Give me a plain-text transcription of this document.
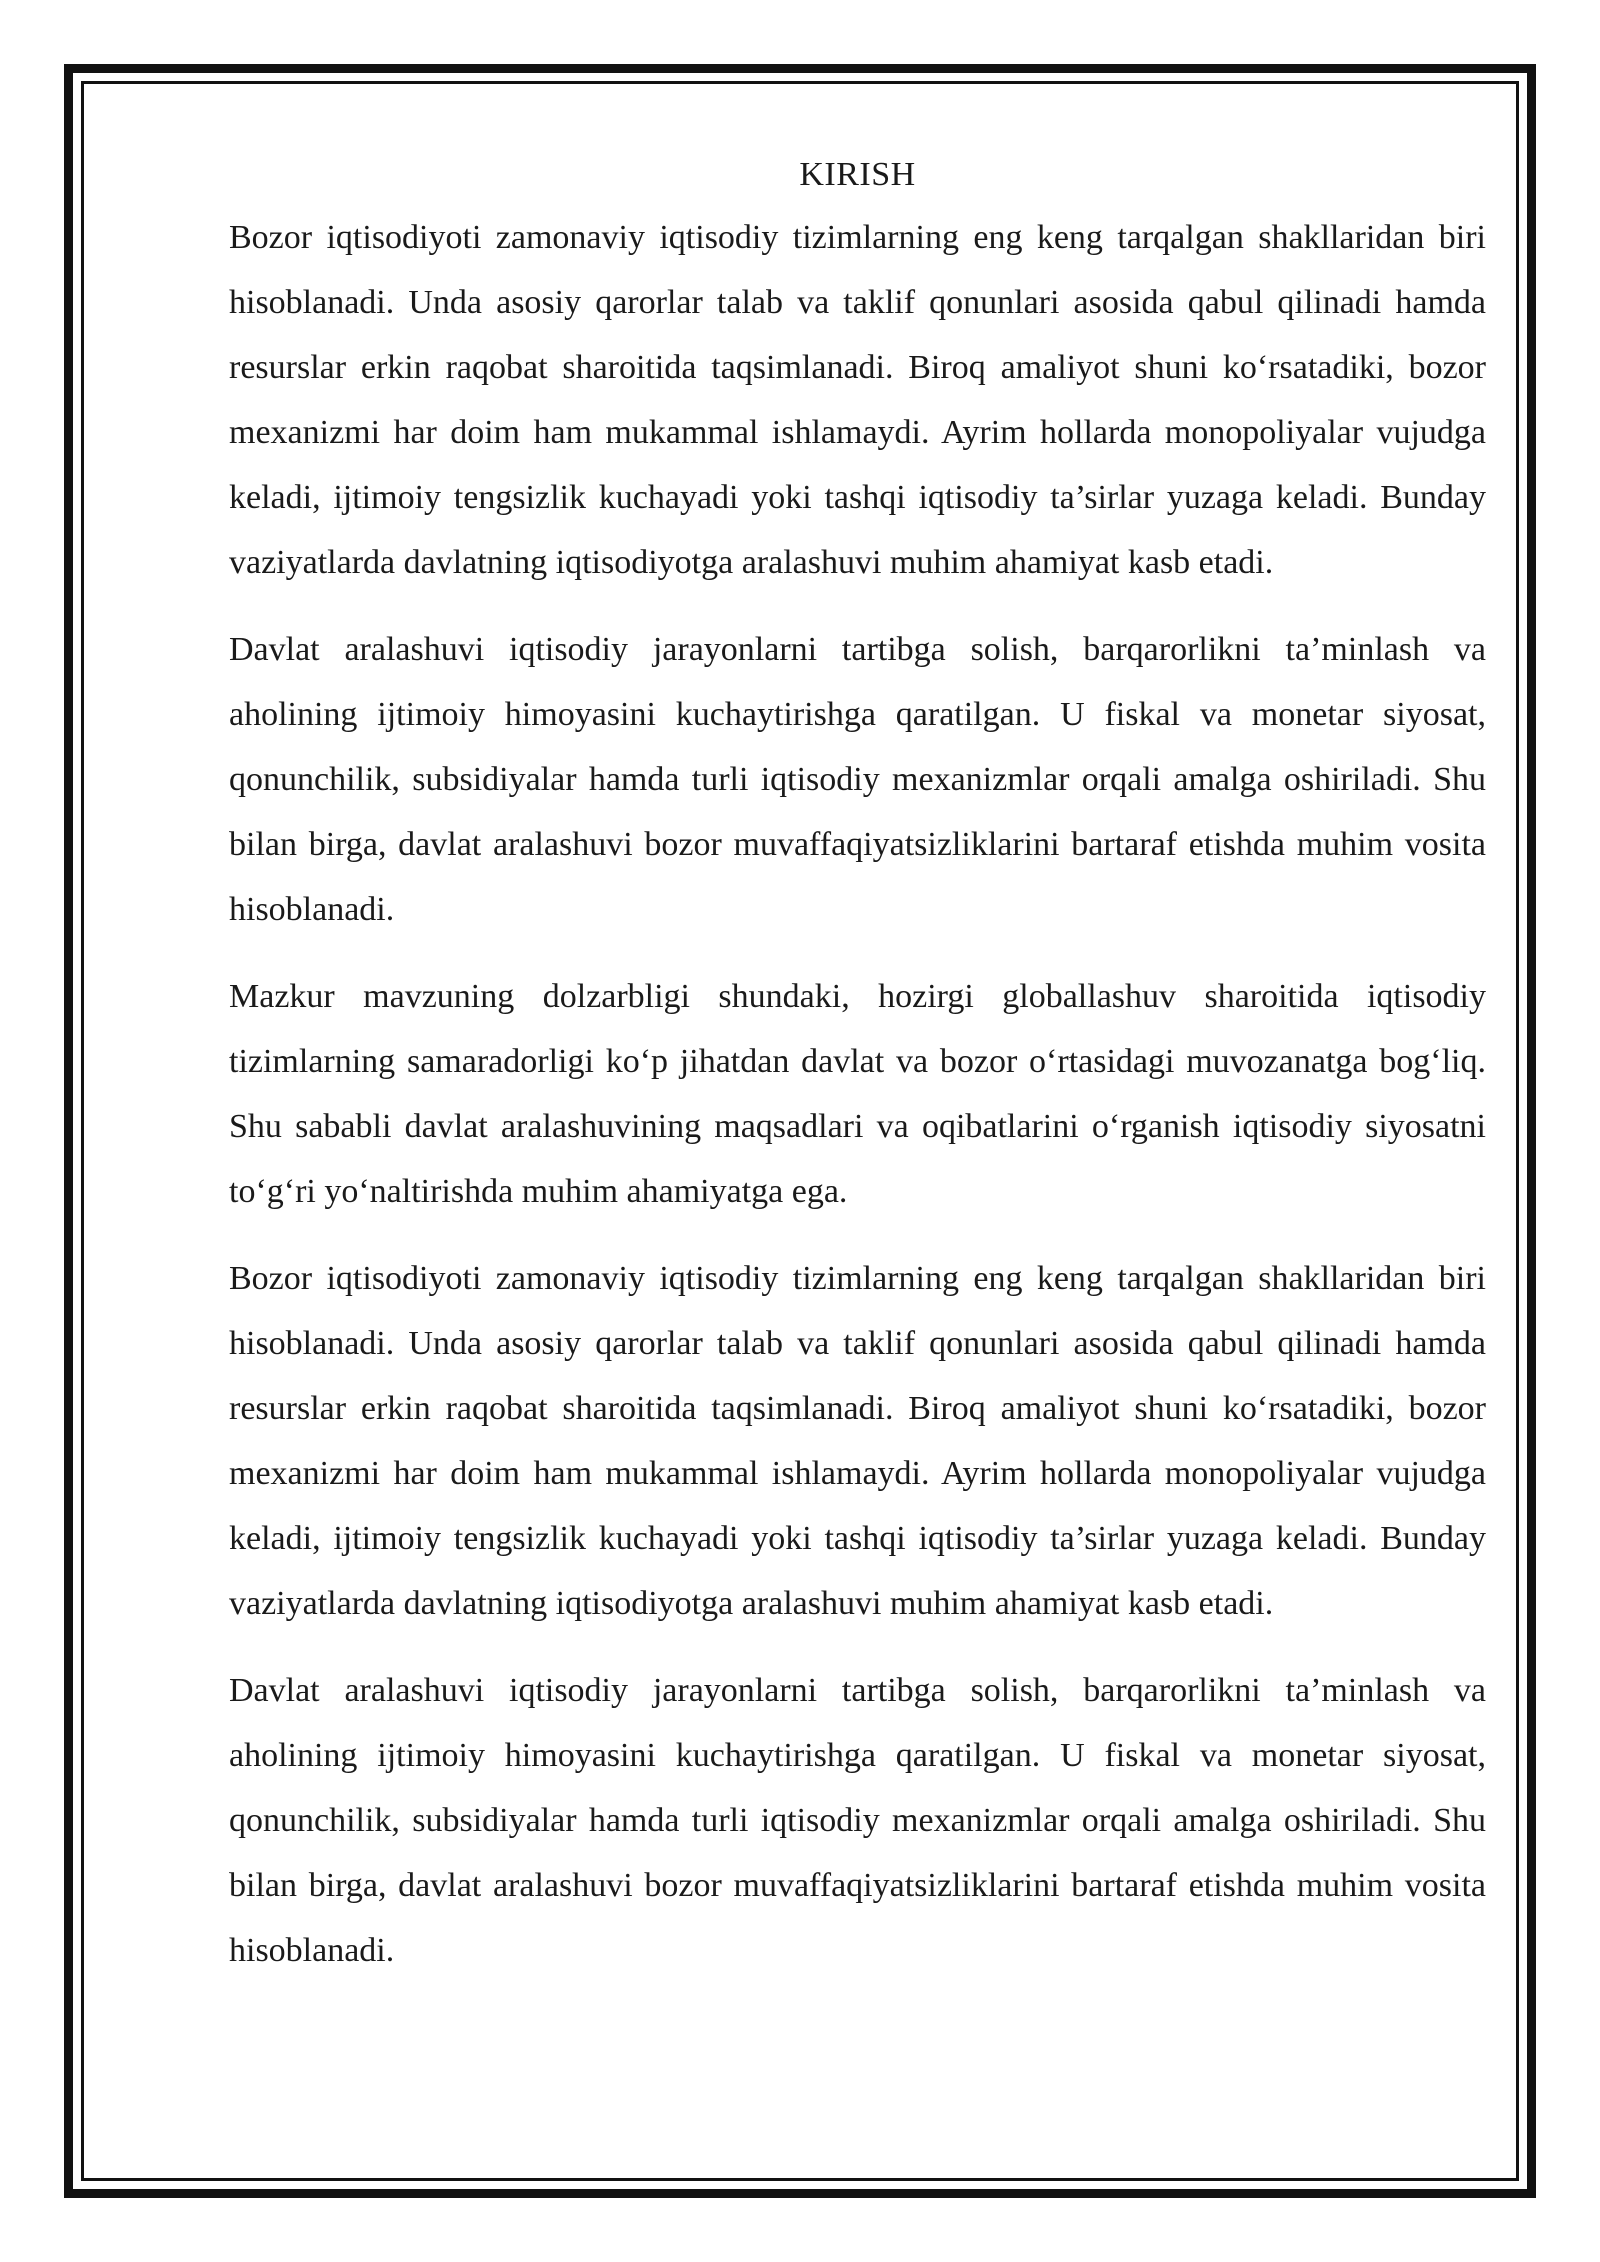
KIRISH

Bozor iqtisodiyoti zamonaviy iqtisodiy tizimlarning eng keng tarqalgan shakllaridan biri hisoblanadi. Unda asosiy qarorlar talab va taklif qonunlari asosida qabul qilinadi hamda resurslar erkin raqobat sharoitida taqsimlanadi. Biroq amaliyot shuni ko‘rsatadiki, bozor mexanizmi har doim ham mukammal ishlamaydi. Ayrim hollarda monopoliyalar vujudga keladi, ijtimoiy tengsizlik kuchayadi yoki tashqi iqtisodiy ta’sirlar yuzaga keladi. Bunday vaziyatlarda davlatning iqtisodiyotga aralashuvi muhim ahamiyat kasb etadi.

Davlat aralashuvi iqtisodiy jarayonlarni tartibga solish, barqarorlikni ta’minlash va aholining ijtimoiy himoyasini kuchaytirishga qaratilgan. U fiskal va monetar siyosat, qonunchilik, subsidiyalar hamda turli iqtisodiy mexanizmlar orqali amalga oshiriladi. Shu bilan birga, davlat aralashuvi bozor muvaffaqiyatsizliklarini bartaraf etishda muhim vosita hisoblanadi.

Mazkur mavzuning dolzarbligi shundaki, hozirgi globallashuv sharoitida iqtisodiy tizimlarning samaradorligi ko‘p jihatdan davlat va bozor o‘rtasidagi muvozanatga bog‘liq. Shu sababli davlat aralashuvining maqsadlari va oqibatlarini o‘rganish iqtisodiy siyosatni to‘g‘ri yo‘naltirishda muhim ahamiyatga ega.

Bozor iqtisodiyoti zamonaviy iqtisodiy tizimlarning eng keng tarqalgan shakllaridan biri hisoblanadi. Unda asosiy qarorlar talab va taklif qonunlari asosida qabul qilinadi hamda resurslar erkin raqobat sharoitida taqsimlanadi. Biroq amaliyot shuni ko‘rsatadiki, bozor mexanizmi har doim ham mukammal ishlamaydi. Ayrim hollarda monopoliyalar vujudga keladi, ijtimoiy tengsizlik kuchayadi yoki tashqi iqtisodiy ta’sirlar yuzaga keladi. Bunday vaziyatlarda davlatning iqtisodiyotga aralashuvi muhim ahamiyat kasb etadi.

Davlat aralashuvi iqtisodiy jarayonlarni tartibga solish, barqarorlikni ta’minlash va aholining ijtimoiy himoyasini kuchaytirishga qaratilgan. U fiskal va monetar siyosat, qonunchilik, subsidiyalar hamda turli iqtisodiy mexanizmlar orqali amalga oshiriladi. Shu bilan birga, davlat aralashuvi bozor muvaffaqiyatsizliklarini bartaraf etishda muhim vosita hisoblanadi.
